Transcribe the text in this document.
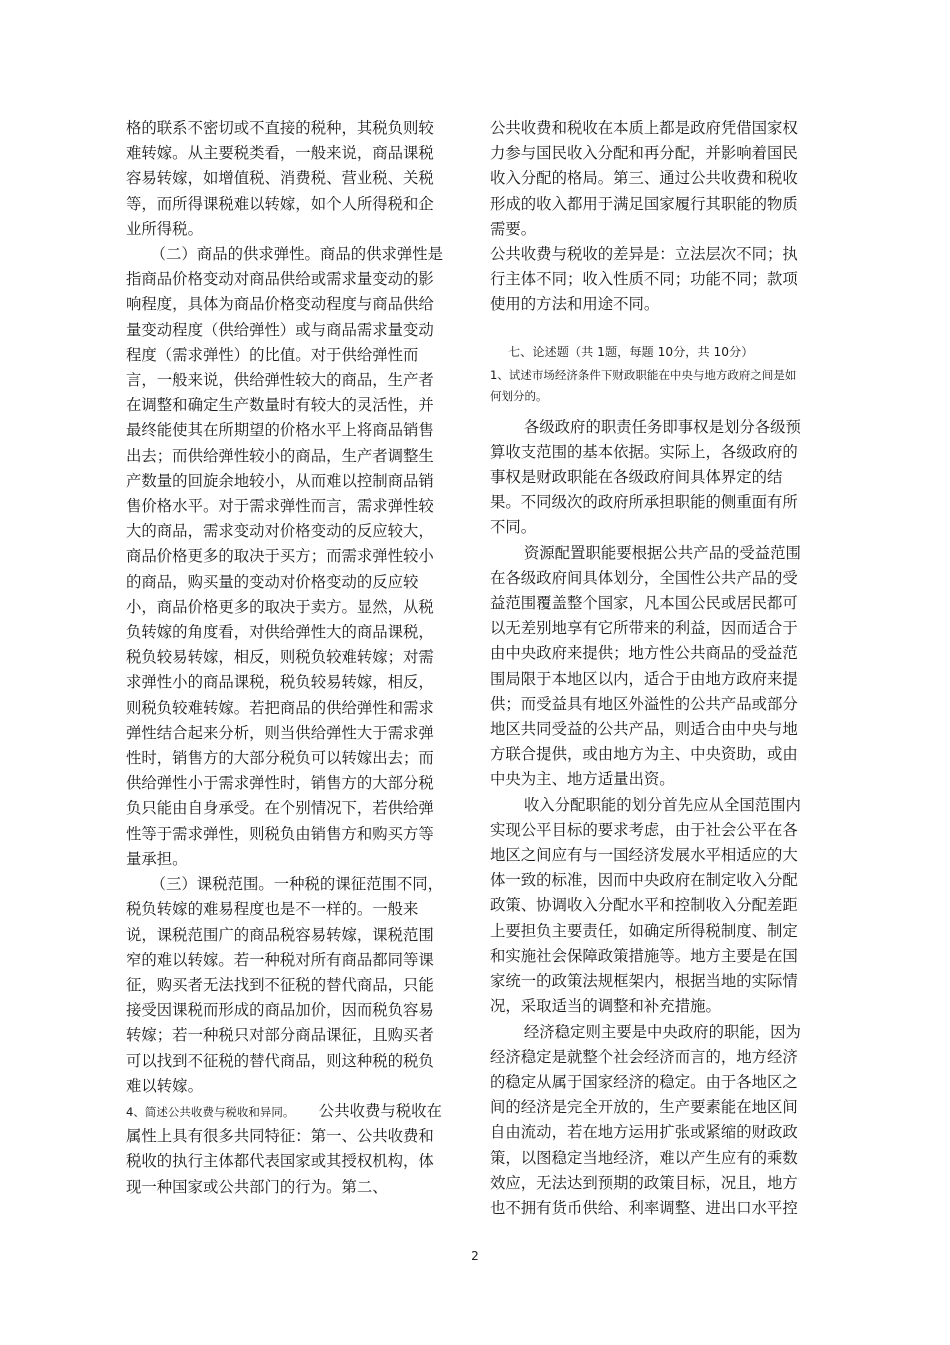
格的联系不密切或不直接的税种，其税负则较难转嫁。从主要税类看，一般来说，商品课税容易转嫁，如增值税、消费税、营业税、关税等，而所得课税难以转嫁，如个人所得税和企业所得税。

（二）商品的供求弹性。商品的供求弹性是指商品价格变动对商品供给或需求量变动的影响程度，具体为商品价格变动程度与商品供给量变动程度（供给弹性）或与商品需求量变动程度（需求弹性）的比值。对于供给弹性而言，一般来说，供给弹性较大的商品，生产者在调整和确定生产数量时有较大的灵活性，并最终能使其在所期望的价格水平上将商品销售出去；而供给弹性较小的商品，生产者调整生产数量的回旋余地较小，从而难以控制商品销售价格水平。对于需求弹性而言，需求弹性较大的商品，需求变动对价格变动的反应较大，商品价格更多的取决于买方；而需求弹性较小的商品，购买量的变动对价格变动的反应较小，商品价格更多的取决于卖方。显然，从税负转嫁的角度看，对供给弹性大的商品课税，税负较易转嫁，相反，则税负较难转嫁；对需求弹性小的商品课税，税负较易转嫁，相反，则税负较难转嫁。若把商品的供给弹性和需求弹性结合起来分析，则当供给弹性大于需求弹性时，销售方的大部分税负可以转嫁出去；而供给弹性小于需求弹性时，销售方的大部分税负只能由自身承受。在个别情况下，若供给弹性等于需求弹性，则税负由销售方和购买方等量承担。

（三）课税范围。一种税的课征范围不同，税负转嫁的难易程度也是不一样的。一般来说，课税范围广的商品税容易转嫁，课税范围窄的难以转嫁。若一种税对所有商品都同等课征，购买者无法找到不征税的替代商品，只能接受因课税而形成的商品加价，因而税负容易转嫁；若一种税只对部分商品课征，且购买者可以找到不征税的替代商品，则这种税的税负难以转嫁。

4、简述公共收费与税收和异同。 公共收费与税收在属性上具有很多共同特征：第一、公共收费和税收的执行主体都代表国家或其授权机构，体现一种国家或公共部门的行为。第二、

公共收费和税收在本质上都是政府凭借国家权力参与国民收入分配和再分配，并影响着国民收入分配的格局。第三、通过公共收费和税收形成的收入都用于满足国家履行其职能的物质需要。

公共收费与税收的差异是：立法层次不同；执行主体不同；收入性质不同；功能不同；款项使用的方法和用途不同。

七、论述题（共 1题，每题 10分，共 10分）

1、试述市场经济条件下财政职能在中央与地方政府之间是如何划分的。

各级政府的职责任务即事权是划分各级预算收支范围的基本依据。实际上，各级政府的事权是财政职能在各级政府间具体界定的结果。不同级次的政府所承担职能的侧重面有所不同。

资源配置职能要根据公共产品的受益范围在各级政府间具体划分，全国性公共产品的受益范围覆盖整个国家，凡本国公民或居民都可以无差别地享有它所带来的利益，因而适合于由中央政府来提供；地方性公共商品的受益范围局限于本地区以内，适合于由地方政府来提供；而受益具有地区外溢性的公共产品或部分地区共同受益的公共产品，则适合由中央与地方联合提供，或由地方为主、中央资助，或由中央为主、地方适量出资。

收入分配职能的划分首先应从全国范围内实现公平目标的要求考虑，由于社会公平在各地区之间应有与一国经济发展水平相适应的大体一致的标准，因而中央政府在制定收入分配政策、协调收入分配水平和控制收入分配差距上要担负主要责任，如确定所得税制度、制定和实施社会保障政策措施等。地方主要是在国家统一的政策法规框架内，根据当地的实际情况，采取适当的调整和补充措施。

经济稳定则主要是中央政府的职能，因为经济稳定是就整个社会经济而言的，地方经济的稳定从属于国家经济的稳定。由于各地区之间的经济是完全开放的，生产要素能在地区间自由流动，若在地方运用扩张或紧缩的财政政策，以图稳定当地经济，难以产生应有的乘数效应，无法达到预期的政策目标，况且，地方也不拥有货币供给、利率调整、进出口水平控

2
